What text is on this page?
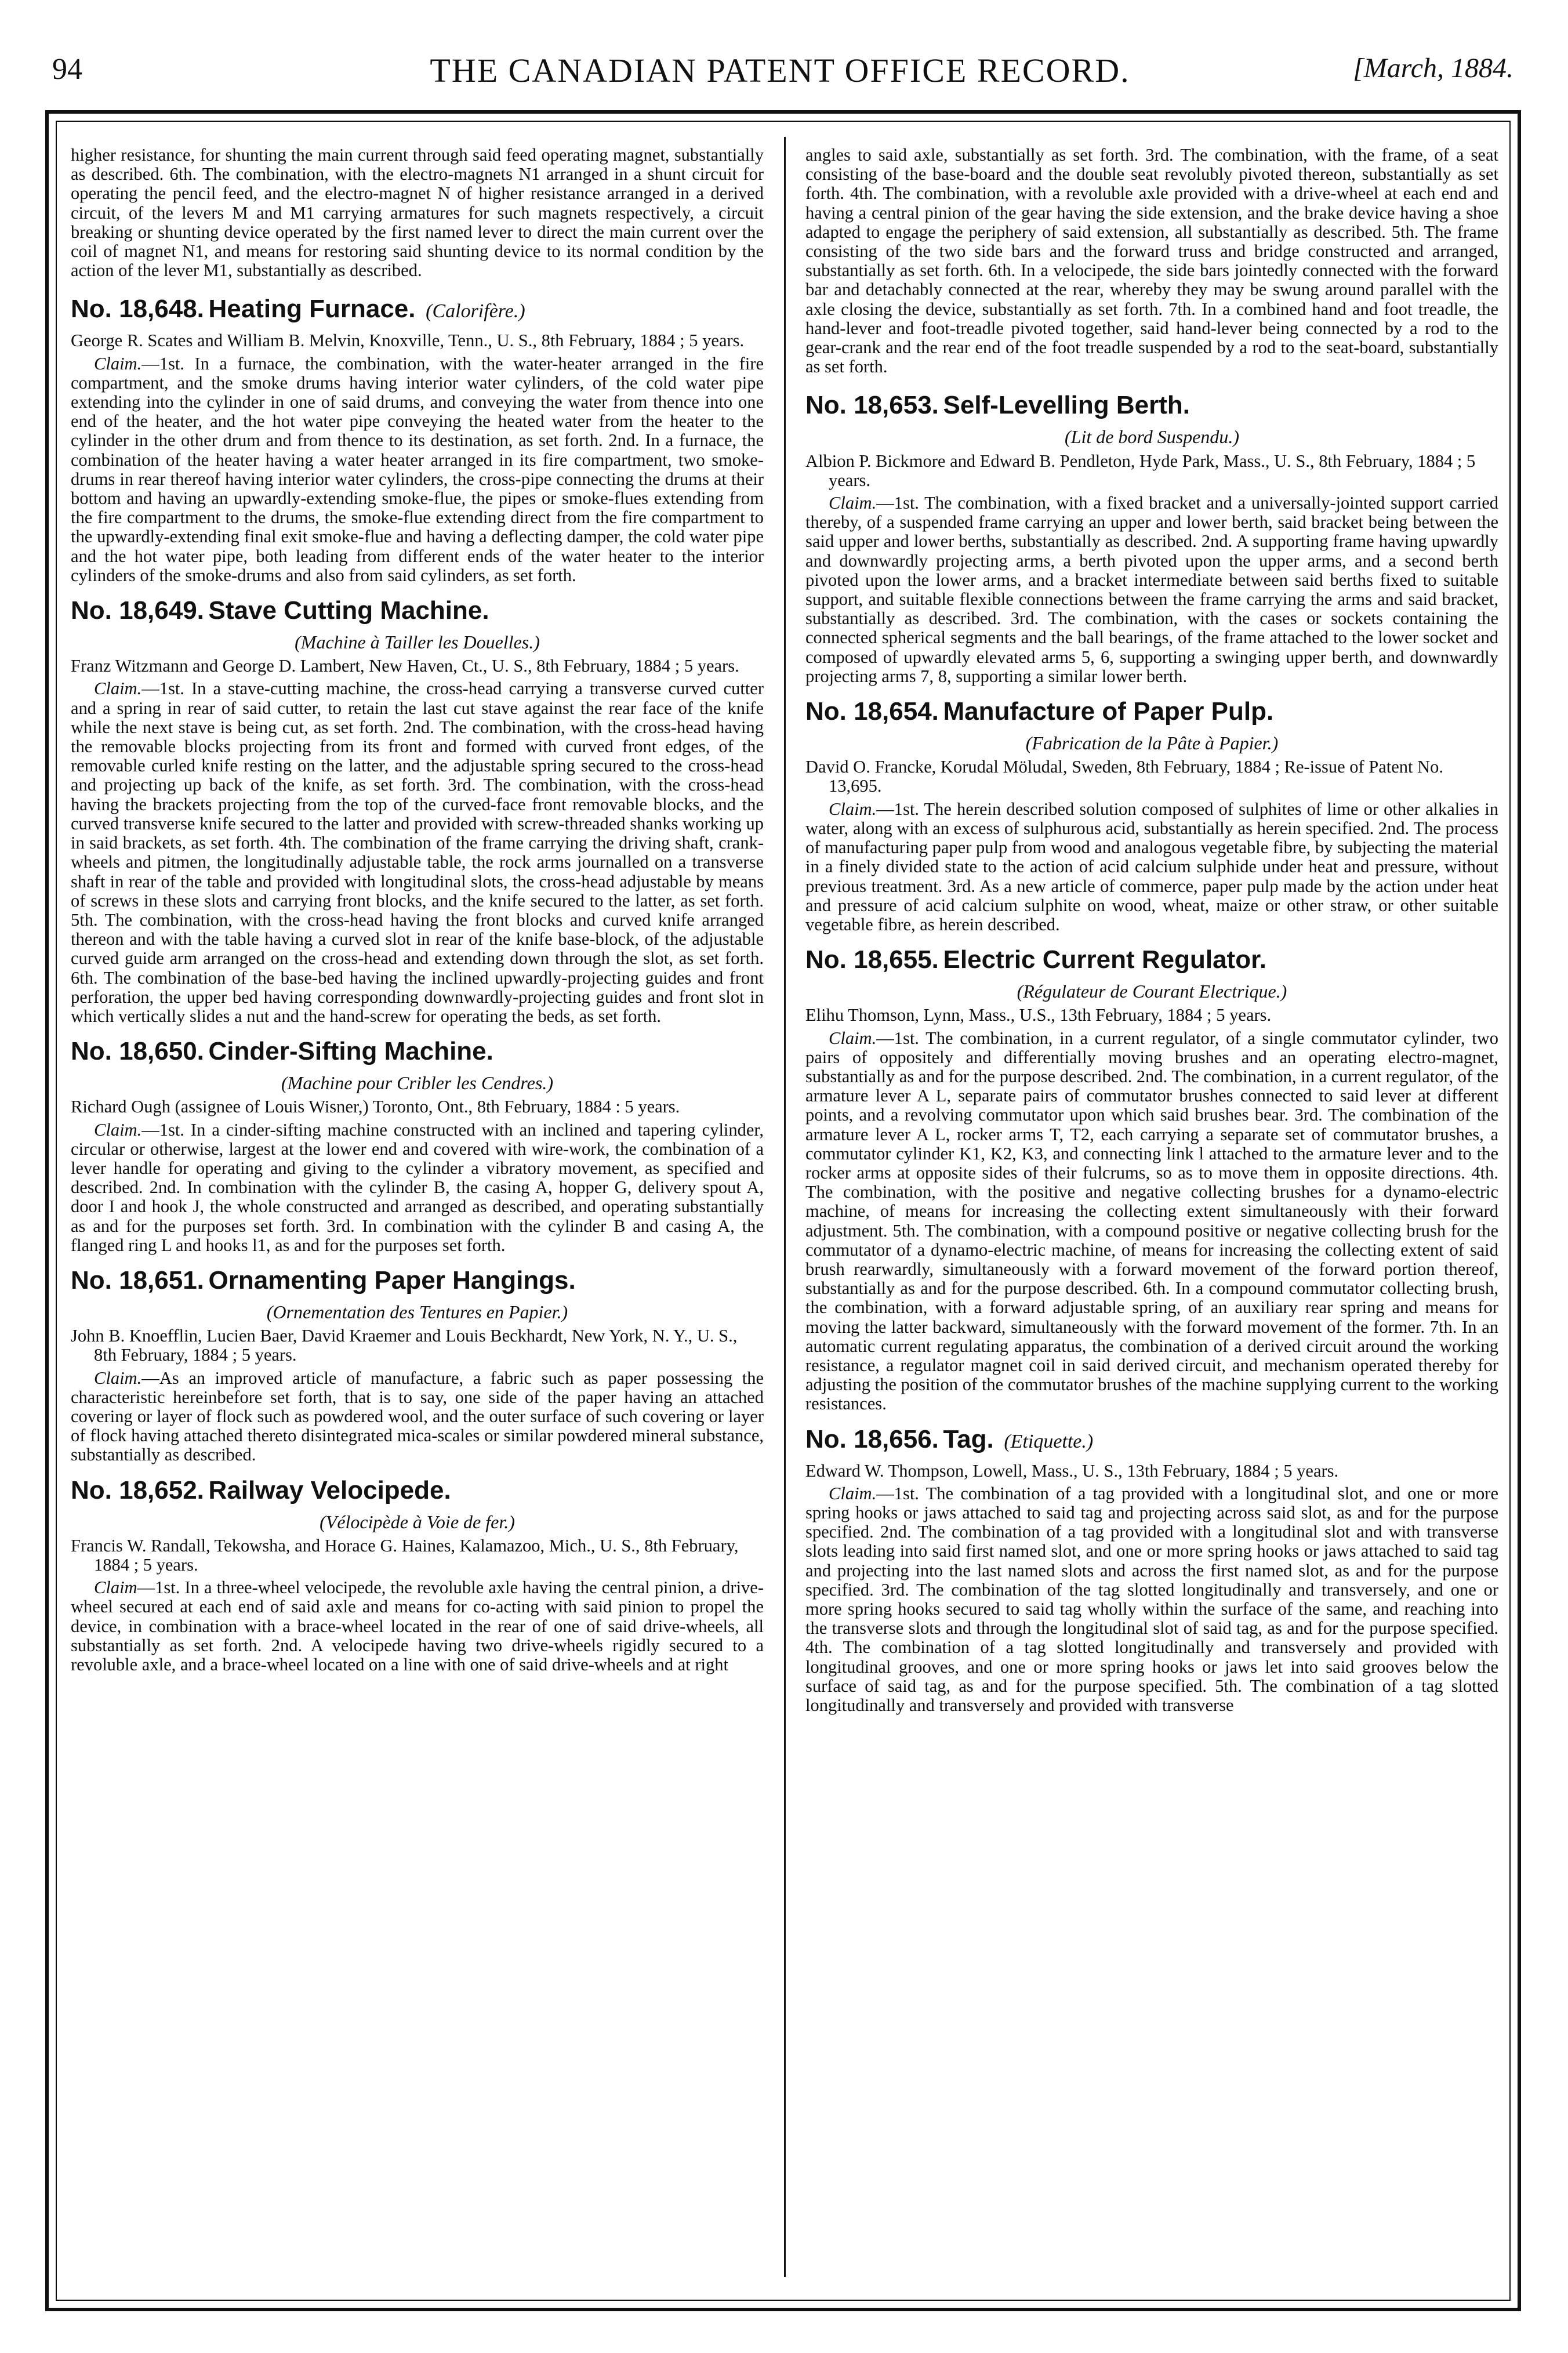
94	THE CANADIAN PATENT OFFICE RECORD.	[March, 1884.

higher resistance, for shunting the main current through said feed operating magnet, substantially as described. 6th. The combination, with the electro-magnets N1 arranged in a shunt circuit for operating the pencil feed, and the electro-magnet N of higher resistance arranged in a derived circuit, of the levers M and M1 carrying armatures for such magnets respectively, a circuit breaking or shunting device operated by the first named lever to direct the main current over the coil of magnet N1, and means for restoring said shunting device to its normal condition by the action of the lever M1, substantially as described.

No. 18,648. Heating Furnace. (Calorifère.)

George R. Scates and William B. Melvin, Knoxville, Tenn., U. S., 8th February, 1884 ; 5 years.

Claim.—1st. In a furnace, the combination, with the water-heater arranged in the fire compartment, and the smoke drums having interior water cylinders, of the cold water pipe extending into the cylinder in one of said drums, and conveying the water from thence into one end of the heater, and the hot water pipe conveying the heated water from the heater to the cylinder in the other drum and from thence to its destination, as set forth. 2nd. In a furnace, the combination of the heater having a water heater arranged in its fire compartment, two smoke-drums in rear thereof having interior water cylinders, the cross-pipe connecting the drums at their bottom and having an upwardly-extending smoke-flue, the pipes or smoke-flues extending from the fire compartment to the drums, the smoke-flue extending direct from the fire compartment to the upwardly-extending final exit smoke-flue and having a deflecting damper, the cold water pipe and the hot water pipe, both leading from different ends of the water heater to the interior cylinders of the smoke-drums and also from said cylinders, as set forth.

No. 18,649. Stave Cutting Machine.
(Machine à Tailler les Douelles.)

Franz Witzmann and George D. Lambert, New Haven, Ct., U. S., 8th February, 1884 ; 5 years.

Claim.—1st. In a stave-cutting machine, the cross-head carrying a transverse curved cutter and a spring in rear of said cutter, to retain the last cut stave against the rear face of the knife while the next stave is being cut, as set forth. 2nd. The combination, with the cross-head having the removable blocks projecting from its front and formed with curved front edges, of the removable curled knife resting on the latter, and the adjustable spring secured to the cross-head and projecting up back of the knife, as set forth. 3rd. The combination, with the cross-head having the brackets projecting from the top of the curved-face front removable blocks, and the curved transverse knife secured to the latter and provided with screw-threaded shanks working up in said brackets, as set forth. 4th. The combination of the frame carrying the driving shaft, crank-wheels and pitmen, the longitudinally adjustable table, the rock arms journalled on a transverse shaft in rear of the table and provided with longitudinal slots, the cross-head adjustable by means of screws in these slots and carrying front blocks, and the knife secured to the latter, as set forth. 5th. The combination, with the cross-head having the front blocks and curved knife arranged thereon and with the table having a curved slot in rear of the knife base-block, of the adjustable curved guide arm arranged on the cross-head and extending down through the slot, as set forth. 6th. The combination of the base-bed having the inclined upwardly-projecting guides and front perforation, the upper bed having corresponding downwardly-projecting guides and front slot in which vertically slides a nut and the hand-screw for operating the beds, as set forth.

No. 18,650. Cinder-Sifting Machine.
(Machine pour Cribler les Cendres.)

Richard Ough (assignee of Louis Wisner,) Toronto, Ont., 8th February, 1884 : 5 years.

Claim.—1st. In a cinder-sifting machine constructed with an inclined and tapering cylinder, circular or otherwise, largest at the lower end and covered with wire-work, the combination of a lever handle for operating and giving to the cylinder a vibratory movement, as specified and described. 2nd. In combination with the cylinder B, the casing A, hopper G, delivery spout A, door I and hook J, the whole constructed and arranged as described, and operating substantially as and for the purposes set forth. 3rd. In combination with the cylinder B and casing A, the flanged ring L and hooks l1, as and for the purposes set forth.

No. 18,651. Ornamenting Paper Hangings.
(Ornementation des Tentures en Papier.)

John B. Knoefflin, Lucien Baer, David Kraemer and Louis Beckhardt, New York, N. Y., U. S., 8th February, 1884 ; 5 years.

Claim.—As an improved article of manufacture, a fabric such as paper possessing the characteristic hereinbefore set forth, that is to say, one side of the paper having an attached covering or layer of flock such as powdered wool, and the outer surface of such covering or layer of flock having attached thereto disintegrated mica-scales or similar powdered mineral substance, substantially as described.

No. 18,652. Railway Velocipede.
(Vélocipède à Voie de fer.)

Francis W. Randall, Tekowsha, and Horace G. Haines, Kalamazoo, Mich., U. S., 8th February, 1884 ; 5 years.

Claim—1st. In a three-wheel velocipede, the revoluble axle having the central pinion, a drive-wheel secured at each end of said axle and means for co-acting with said pinion to propel the device, in combination with a brace-wheel located in the rear of one of said drive-wheels, all substantially as set forth. 2nd. A velocipede having two drive-wheels rigidly secured to a revoluble axle, and a brace-wheel located on a line with one of said drive-wheels and at right

angles to said axle, substantially as set forth. 3rd. The combination, with the frame, of a seat consisting of the base-board and the double seat revolubly pivoted thereon, substantially as set forth. 4th. The combination, with a revoluble axle provided with a drive-wheel at each end and having a central pinion of the gear having the side extension, and the brake device having a shoe adapted to engage the periphery of said extension, all substantially as described. 5th. The frame consisting of the two side bars and the forward truss and bridge constructed and arranged, substantially as set forth. 6th. In a velocipede, the side bars jointedly connected with the forward bar and detachably connected at the rear, whereby they may be swung around parallel with the axle closing the device, substantially as set forth. 7th. In a combined hand and foot treadle, the hand-lever and foot-treadle pivoted together, said hand-lever being connected by a rod to the gear-crank and the rear end of the foot treadle suspended by a rod to the seat-board, substantially as set forth.

No. 18,653. Self-Levelling Berth.
(Lit de bord Suspendu.)

Albion P. Bickmore and Edward B. Pendleton, Hyde Park, Mass., U. S., 8th February, 1884 ; 5 years.

Claim.—1st. The combination, with a fixed bracket and a universally-jointed support carried thereby, of a suspended frame carrying an upper and lower berth, said bracket being between the said upper and lower berths, substantially as described. 2nd. A supporting frame having upwardly and downwardly projecting arms, a berth pivoted upon the upper arms, and a second berth pivoted upon the lower arms, and a bracket intermediate between said berths fixed to suitable support, and suitable flexible connections between the frame carrying the arms and said bracket, substantially as described. 3rd. The combination, with the cases or sockets containing the connected spherical segments and the ball bearings, of the frame attached to the lower socket and composed of upwardly elevated arms 5, 6, supporting a swinging upper berth, and downwardly projecting arms 7, 8, supporting a similar lower berth.

No. 18,654. Manufacture of Paper Pulp.
(Fabrication de la Pâte à Papier.)

David O. Francke, Korudal Möludal, Sweden, 8th February, 1884 ; Re-issue of Patent No. 13,695.

Claim.—1st. The herein described solution composed of sulphites of lime or other alkalies in water, along with an excess of sulphurous acid, substantially as herein specified. 2nd. The process of manufacturing paper pulp from wood and analogous vegetable fibre, by subjecting the material in a finely divided state to the action of acid calcium sulphide under heat and pressure, without previous treatment. 3rd. As a new article of commerce, paper pulp made by the action under heat and pressure of acid calcium sulphite on wood, wheat, maize or other straw, or other suitable vegetable fibre, as herein described.

No. 18,655. Electric Current Regulator.
(Régulateur de Courant Electrique.)

Elihu Thomson, Lynn, Mass., U.S., 13th February, 1884 ; 5 years.

Claim.—1st. The combination, in a current regulator, of a single commutator cylinder, two pairs of oppositely and differentially moving brushes and an operating electro-magnet, substantially as and for the purpose described. 2nd. The combination, in a current regulator, of the armature lever A L, separate pairs of commutator brushes connected to said lever at different points, and a revolving commutator upon which said brushes bear. 3rd. The combination of the armature lever A L, rocker arms T, T2, each carrying a separate set of commutator brushes, a commutator cylinder K1, K2, K3, and connecting link l attached to the armature lever and to the rocker arms at opposite sides of their fulcrums, so as to move them in opposite directions. 4th. The combination, with the positive and negative collecting brushes for a dynamo-electric machine, of means for increasing the collecting extent simultaneously with their forward adjustment. 5th. The combination, with a compound positive or negative collecting brush for the commutator of a dynamo-electric machine, of means for increasing the collecting extent of said brush rearwardly, simultaneously with a forward movement of the forward portion thereof, substantially as and for the purpose described. 6th. In a compound commutator collecting brush, the combination, with a forward adjustable spring, of an auxiliary rear spring and means for moving the latter backward, simultaneously with the forward movement of the former. 7th. In an automatic current regulating apparatus, the combination of a derived circuit around the working resistance, a regulator magnet coil in said derived circuit, and mechanism operated thereby for adjusting the position of the commutator brushes of the machine supplying current to the working resistances.

No. 18,656. Tag. (Etiquette.)

Edward W. Thompson, Lowell, Mass., U. S., 13th February, 1884 ; 5 years.

Claim.—1st. The combination of a tag provided with a longitudinal slot, and one or more spring hooks or jaws attached to said tag and projecting across said slot, as and for the purpose specified. 2nd. The combination of a tag provided with a longitudinal slot and with transverse slots leading into said first named slot, and one or more spring hooks or jaws attached to said tag and projecting into the last named slots and across the first named slot, as and for the purpose specified. 3rd. The combination of the tag slotted longitudinally and transversely, and one or more spring hooks secured to said tag wholly within the surface of the same, and reaching into the transverse slots and through the longitudinal slot of said tag, as and for the purpose specified. 4th. The combination of a tag slotted longitudinally and transversely and provided with longitudinal grooves, and one or more spring hooks or jaws let into said grooves below the surface of said tag, as and for the purpose specified. 5th. The combination of a tag slotted longitudinally and transversely and provided with transverse
